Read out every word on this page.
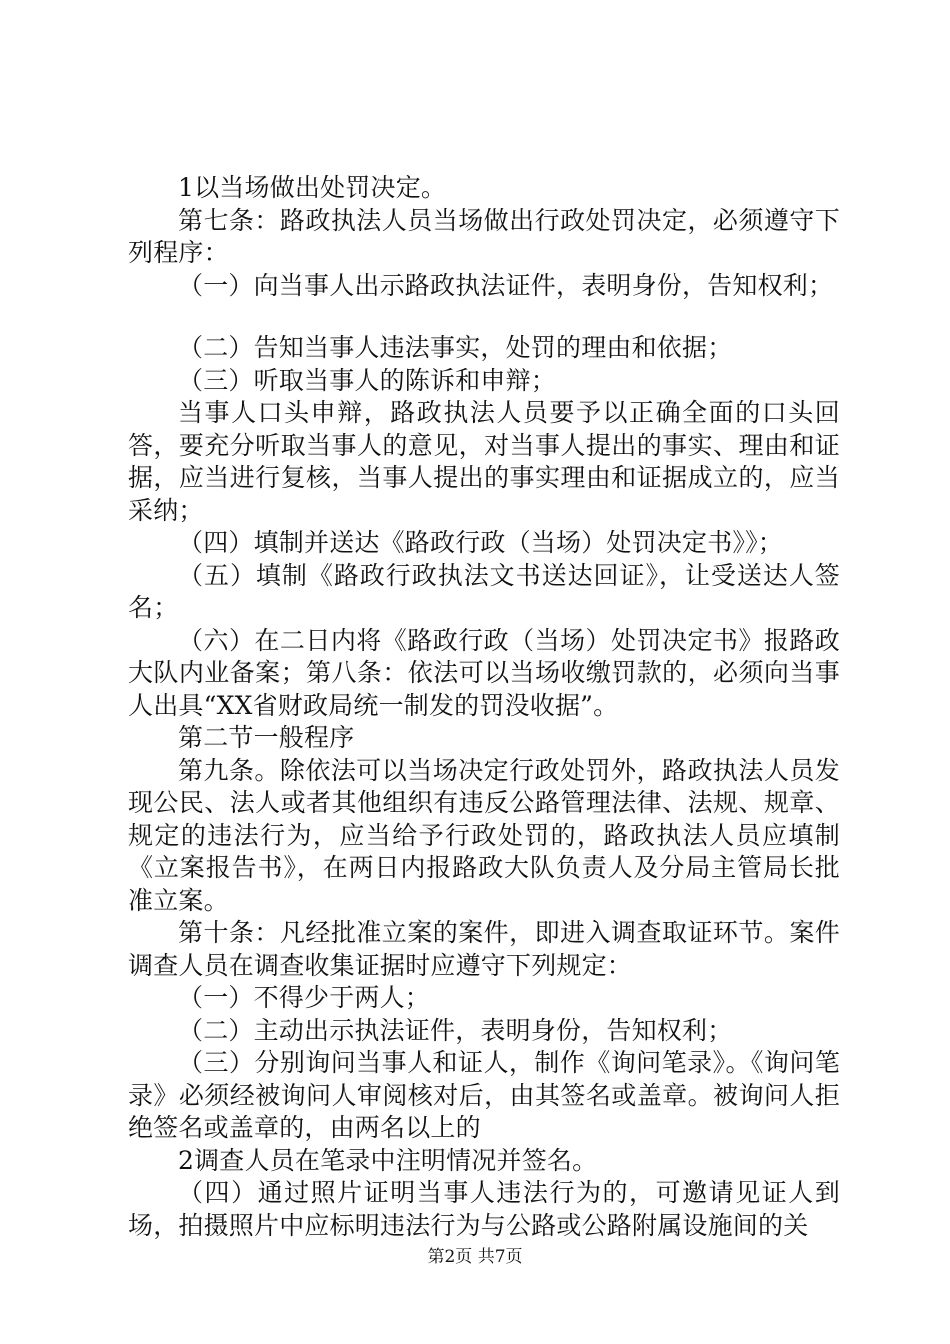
1以当场做出处罚决定。

第七条：路政执法人员当场做出行政处罚决定，必须遵守下列程序：

（一）向当事人出示路政执法证件，表明身份，告知权利；

（二）告知当事人违法事实，处罚的理由和依据；

（三）听取当事人的陈诉和申辩；

当事人口头申辩，路政执法人员要予以正确全面的口头回答，要充分听取当事人的意见，对当事人提出的事实、理由和证据，应当进行复核，当事人提出的事实理由和证据成立的，应当采纳；

（四）填制并送达《路政行政（当场）处罚决定书》》；

（五）填制《路政行政执法文书送达回证》，让受送达人签名；

（六）在二日内将《路政行政（当场）处罚决定书》报路政大队内业备案；第八条：依法可以当场收缴罚款的，必须向当事人出具“XX省财政局统一制发的罚没收据”。

第二节一般程序

第九条。除依法可以当场决定行政处罚外，路政执法人员发现公民、法人或者其他组织有违反公路管理法律、法规、规章、规定的违法行为，应当给予行政处罚的，路政执法人员应填制《立案报告书》，在两日内报路政大队负责人及分局主管局长批准立案。

第十条：凡经批准立案的案件，即进入调查取证环节。案件调查人员在调查收集证据时应遵守下列规定：

（一）不得少于两人；

（二）主动出示执法证件，表明身份，告知权利；

（三）分别询问当事人和证人，制作《询问笔录》。《询问笔录》必须经被询问人审阅核对后，由其签名或盖章。被询问人拒绝签名或盖章的，由两名以上的

2调查人员在笔录中注明情况并签名。

（四）通过照片证明当事人违法行为的，可邀请见证人到场，拍摄照片中应标明违法行为与公路或公路附属设施间的关

第2页 共7页
